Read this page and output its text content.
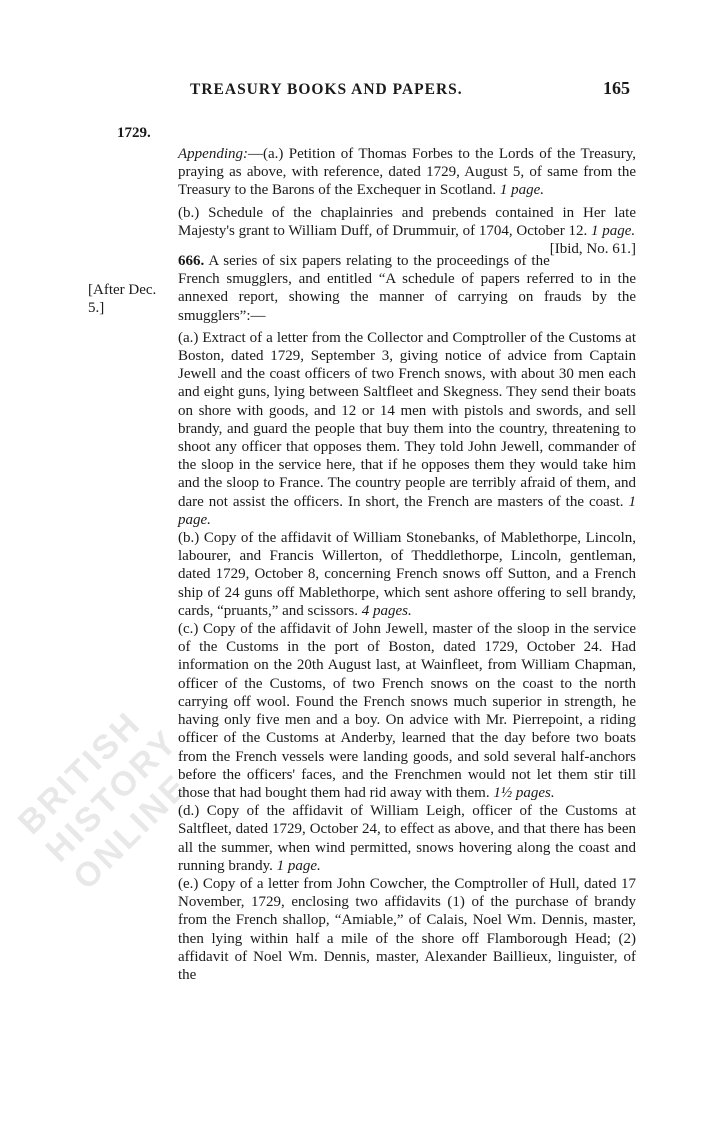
BRITISH HISTORY ONLINE
TREASURY BOOKS AND PAPERS.	165
1729.
[After Dec. 5.]

Appending:—(a.) Petition of Thomas Forbes to the Lords of the Treasury, praying as above, with reference, dated 1729, August 5, of same from the Treasury to the Barons of the Exchequer in Scotland. 1 page.

(b.) Schedule of the chaplainries and prebends contained in Her late Majesty's grant to William Duff, of Drummuir, of 1704, October 12. 1 page.
[Ibid, No. 61.]

666. A series of six papers relating to the proceedings of the French smugglers, and entitled “A schedule of papers referred to in the annexed report, showing the manner of carrying on frauds by the smugglers”:—

(a.) Extract of a letter from the Collector and Comptroller of the Customs at Boston, dated 1729, September 3, giving notice of advice from Captain Jewell and the coast officers of two French snows, with about 30 men each and eight guns, lying between Saltfleet and Skegness. They send their boats on shore with goods, and 12 or 14 men with pistols and swords, and sell brandy, and guard the people that buy them into the country, threatening to shoot any officer that opposes them. They told John Jewell, commander of the sloop in the service here, that if he opposes them they would take him and the sloop to France. The country people are terribly afraid of them, and dare not assist the officers. In short, the French are masters of the coast. 1 page.

(b.) Copy of the affidavit of William Stonebanks, of Mablethorpe, Lincoln, labourer, and Francis Willerton, of Theddlethorpe, Lincoln, gentleman, dated 1729, October 8, concerning French snows off Sutton, and a French ship of 24 guns off Mablethorpe, which sent ashore offering to sell brandy, cards, “pruants,” and scissors. 4 pages.

(c.) Copy of the affidavit of John Jewell, master of the sloop in the service of the Customs in the port of Boston, dated 1729, October 24. Had information on the 20th August last, at Wainfleet, from William Chapman, officer of the Customs, of two French snows on the coast to the north carrying off wool. Found the French snows much superior in strength, he having only five men and a boy. On advice with Mr. Pierrepoint, a riding officer of the Customs at Anderby, learned that the day before two boats from the French vessels were landing goods, and sold several half-anchors before the officers' faces, and the Frenchmen would not let them stir till those that had bought them had rid away with them. 1½ pages.

(d.) Copy of the affidavit of William Leigh, officer of the Customs at Saltfleet, dated 1729, October 24, to effect as above, and that there has been all the summer, when wind permitted, snows hovering along the coast and running brandy. 1 page.

(e.) Copy of a letter from John Cowcher, the Comptroller of Hull, dated 17 November, 1729, enclosing two affidavits (1) of the purchase of brandy from the French shallop, “Amiable,” of Calais, Noel Wm. Dennis, master, then lying within half a mile of the shore off Flamborough Head; (2) affidavit of Noel Wm. Dennis, master, Alexander Baillieux, linguister, of the
